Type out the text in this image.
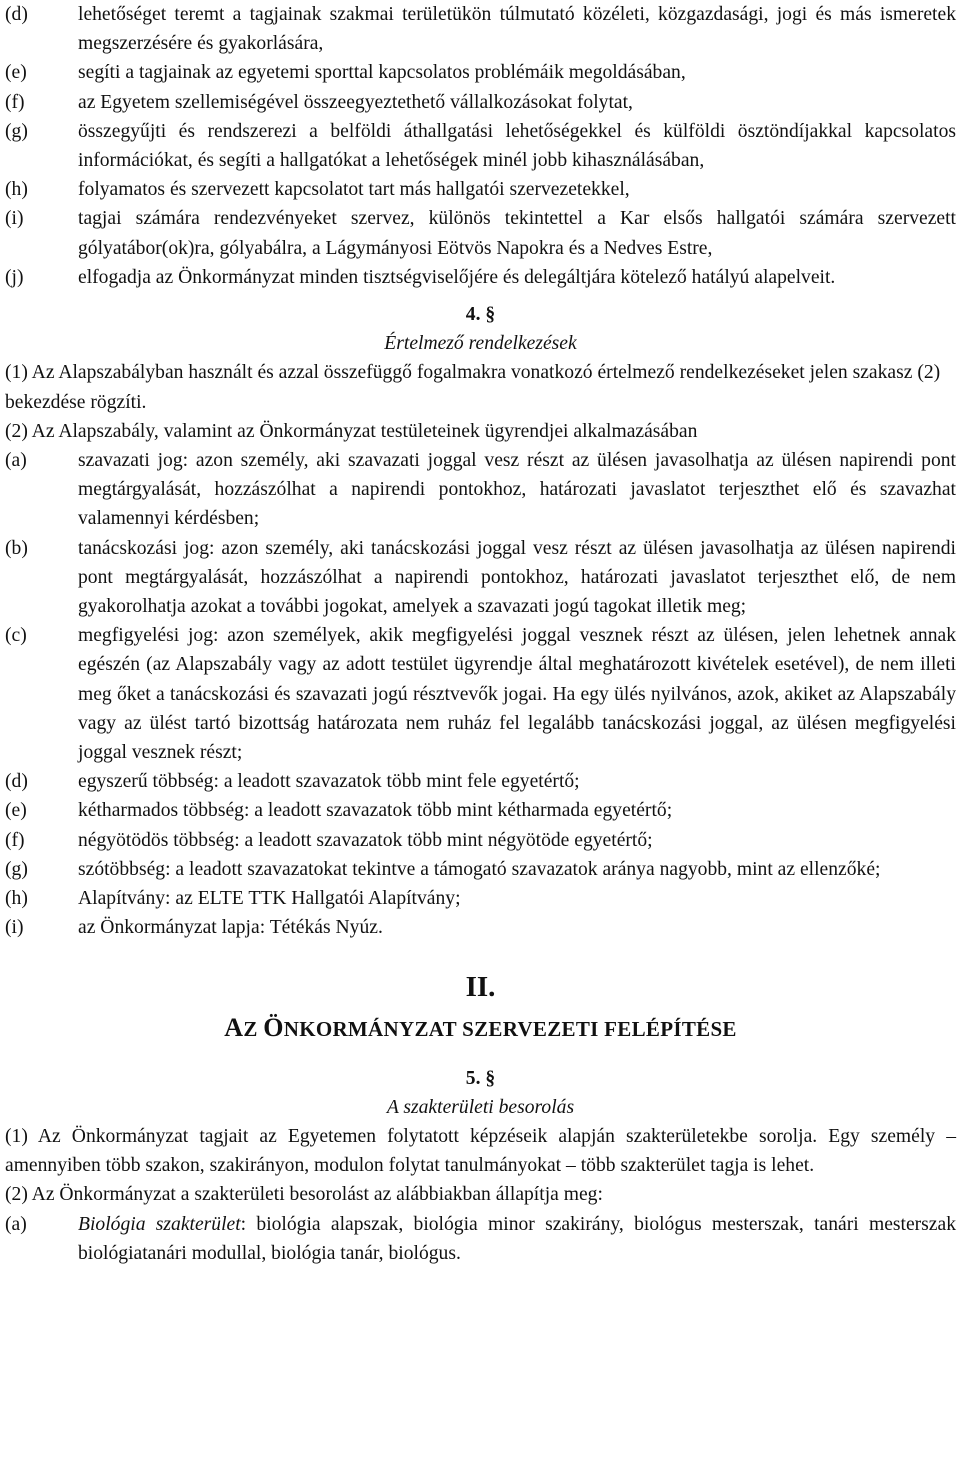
(d)	lehetőséget teremt a tagjainak szakmai területükön túlmutató közéleti, közgazdasági, jogi és más ismeretek megszerzésére és gyakorlására,
(e)	segíti a tagjainak az egyetemi sporttal kapcsolatos problémáik megoldásában,
(f)	az Egyetem szellemiségével összeegyeztethető vállalkozásokat folytat,
(g)	összegyűjti és rendszerezi a belföldi áthallgatási lehetőségekkel és külföldi ösztöndíjakkal kapcsolatos információkat, és segíti a hallgatókat a lehetőségek minél jobb kihasználásában,
(h)	folyamatos és szervezett kapcsolatot tart más hallgatói szervezetekkel,
(i)	tagjai számára rendezvényeket szervez, különös tekintettel a Kar elsős hallgatói számára szervezett gólyatábor(ok)ra, gólyabálra, a Lágymányosi Eötvös Napokra és a Nedves Estre,
(j)	elfogadja az Önkormányzat minden tisztségviselőjére és delegáltjára kötelező hatályú alapelveit.
4. §
Értelmező rendelkezések
(1) Az Alapszabályban használt és azzal összefüggő fogalmakra vonatkozó értelmező rendelkezéseket jelen szakasz (2) bekezdése rögzíti.
(2) Az Alapszabály, valamint az Önkormányzat testületeinek ügyrendjei alkalmazásában
(a)	szavazati jog: azon személy, aki szavazati joggal vesz részt az ülésen javasolhatja az ülésen napirendi pont megtárgyalását, hozzászólhat a napirendi pontokhoz, határozati javaslatot terjeszthet elő és szavazhat valamennyi kérdésben;
(b)	tanácskozási jog: azon személy, aki tanácskozási joggal vesz részt az ülésen javasolhatja az ülésen napirendi pont megtárgyalását, hozzászólhat a napirendi pontokhoz, határozati javaslatot terjeszthet elő, de nem gyakorolhatja azokat a további jogokat, amelyek a szavazati jogú tagokat illetik meg;
(c)	megfigyelési jog: azon személyek, akik megfigyelési joggal vesznek részt az ülésen, jelen lehetnek annak egészén (az Alapszabály vagy az adott testület ügyrendje által meghatározott kivételek esetével), de nem illeti meg őket a tanácskozási és szavazati jogú résztvevők jogai. Ha egy ülés nyilvános, azok, akiket az Alapszabály vagy az ülést tartó bizottság határozata nem ruház fel legalább tanácskozási joggal, az ülésen megfigyelési joggal vesznek részt;
(d)	egyszerű többség: a leadott szavazatok több mint fele egyetértő;
(e)	kétharmados többség: a leadott szavazatok több mint kétharmada egyetértő;
(f)	négyötödös többség: a leadott szavazatok több mint négyötöde egyetértő;
(g)	szótöbbség: a leadott szavazatokat tekintve a támogató szavazatok aránya nagyobb, mint az ellenzőké;
(h)	Alapítvány: az ELTE TTK Hallgatói Alapítvány;
(i)	az Önkormányzat lapja: Tétékás Nyúz.
II.
AZ ÖNKORMÁNYZAT SZERVEZETI FELÉPÍTÉSE
5. §
A szakterületi besorolás
(1) Az Önkormányzat tagjait az Egyetemen folytatott képzéseik alapján szakterületekbe sorolja. Egy személy – amennyiben több szakon, szakirányon, modulon folytat tanulmányokat – több szakterület tagja is lehet.
(2) Az Önkormányzat a szakterületi besorolást az alábbiakban állapítja meg:
(a)	Biológia szakterület: biológia alapszak, biológia minor szakirány, biológus mesterszak, tanári mesterszak biológiatanári modullal, biológia tanár, biológus.
